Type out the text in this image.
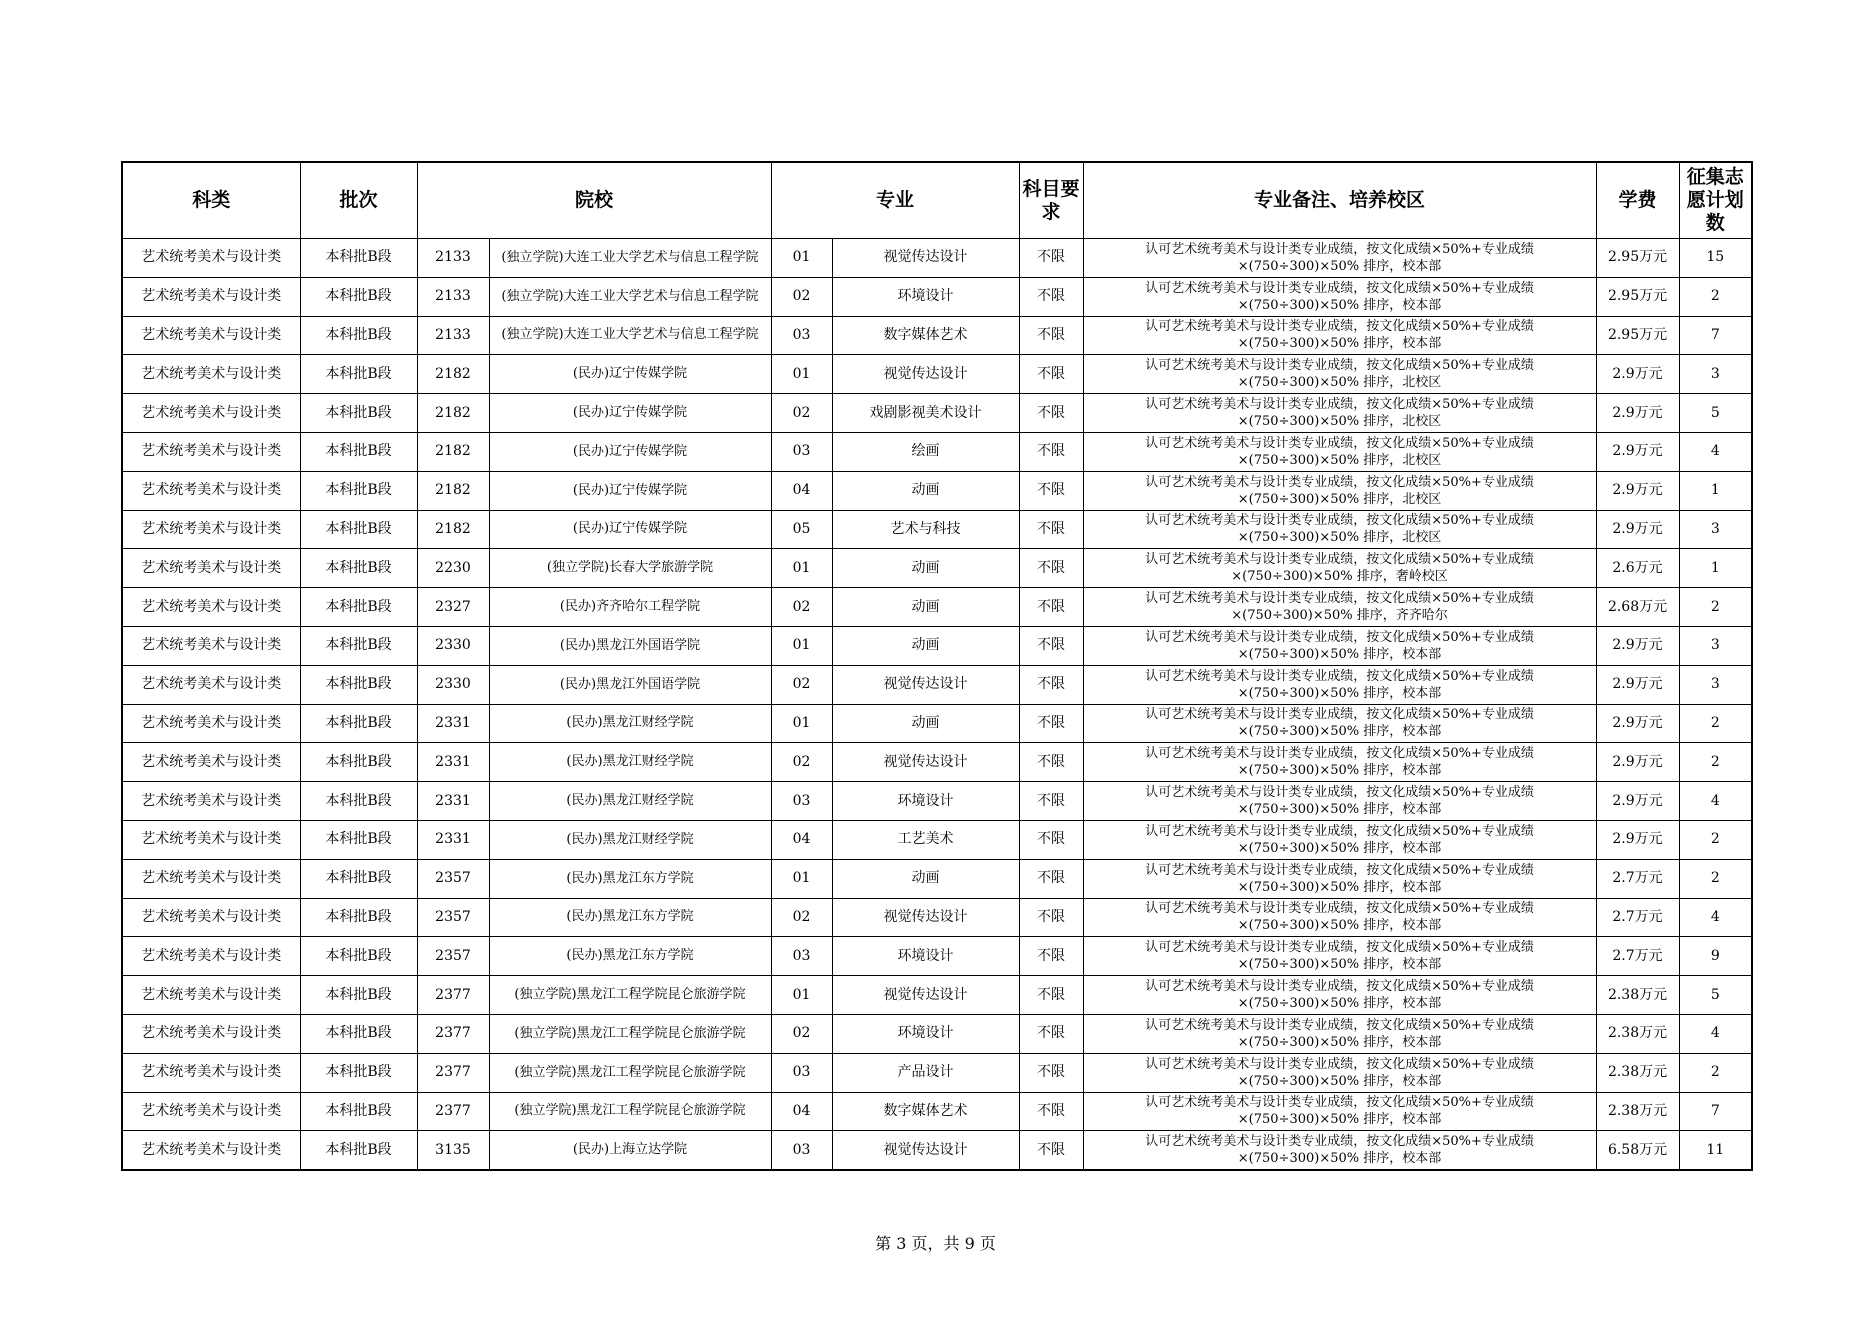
科类	批次	院校		专业		科目要求	专业备注、培养校区	学费	征集志愿计划数
艺术统考美术与设计类	本科批B段	2133	(独立学院)大连工业大学艺术与信息工程学院	01	视觉传达设计	不限	认可艺术统考美术与设计类专业成绩，按文化成绩×50%+专业成绩
×(750÷300)×50% 排序，校本部	2.95万元	15
艺术统考美术与设计类	本科批B段	2133	(独立学院)大连工业大学艺术与信息工程学院	02	环境设计	不限	认可艺术统考美术与设计类专业成绩，按文化成绩×50%+专业成绩
×(750÷300)×50% 排序，校本部	2.95万元	2
艺术统考美术与设计类	本科批B段	2133	(独立学院)大连工业大学艺术与信息工程学院	03	数字媒体艺术	不限	认可艺术统考美术与设计类专业成绩，按文化成绩×50%+专业成绩
×(750÷300)×50% 排序，校本部	2.95万元	7
艺术统考美术与设计类	本科批B段	2182	(民办)辽宁传媒学院	01	视觉传达设计	不限	认可艺术统考美术与设计类专业成绩，按文化成绩×50%+专业成绩
×(750÷300)×50% 排序，北校区	2.9万元	3
艺术统考美术与设计类	本科批B段	2182	(民办)辽宁传媒学院	02	戏剧影视美术设计	不限	认可艺术统考美术与设计类专业成绩，按文化成绩×50%+专业成绩
×(750÷300)×50% 排序，北校区	2.9万元	5
艺术统考美术与设计类	本科批B段	2182	(民办)辽宁传媒学院	03	绘画	不限	认可艺术统考美术与设计类专业成绩，按文化成绩×50%+专业成绩
×(750÷300)×50% 排序，北校区	2.9万元	4
艺术统考美术与设计类	本科批B段	2182	(民办)辽宁传媒学院	04	动画	不限	认可艺术统考美术与设计类专业成绩，按文化成绩×50%+专业成绩
×(750÷300)×50% 排序，北校区	2.9万元	1
艺术统考美术与设计类	本科批B段	2182	(民办)辽宁传媒学院	05	艺术与科技	不限	认可艺术统考美术与设计类专业成绩，按文化成绩×50%+专业成绩
×(750÷300)×50% 排序，北校区	2.9万元	3
艺术统考美术与设计类	本科批B段	2230	(独立学院)长春大学旅游学院	01	动画	不限	认可艺术统考美术与设计类专业成绩，按文化成绩×50%+专业成绩
×(750÷300)×50% 排序，奢岭校区	2.6万元	1
艺术统考美术与设计类	本科批B段	2327	(民办)齐齐哈尔工程学院	02	动画	不限	认可艺术统考美术与设计类专业成绩，按文化成绩×50%+专业成绩
×(750÷300)×50% 排序，齐齐哈尔	2.68万元	2
艺术统考美术与设计类	本科批B段	2330	(民办)黑龙江外国语学院	01	动画	不限	认可艺术统考美术与设计类专业成绩，按文化成绩×50%+专业成绩
×(750÷300)×50% 排序，校本部	2.9万元	3
艺术统考美术与设计类	本科批B段	2330	(民办)黑龙江外国语学院	02	视觉传达设计	不限	认可艺术统考美术与设计类专业成绩，按文化成绩×50%+专业成绩
×(750÷300)×50% 排序，校本部	2.9万元	3
艺术统考美术与设计类	本科批B段	2331	(民办)黑龙江财经学院	01	动画	不限	认可艺术统考美术与设计类专业成绩，按文化成绩×50%+专业成绩
×(750÷300)×50% 排序，校本部	2.9万元	2
艺术统考美术与设计类	本科批B段	2331	(民办)黑龙江财经学院	02	视觉传达设计	不限	认可艺术统考美术与设计类专业成绩，按文化成绩×50%+专业成绩
×(750÷300)×50% 排序，校本部	2.9万元	2
艺术统考美术与设计类	本科批B段	2331	(民办)黑龙江财经学院	03	环境设计	不限	认可艺术统考美术与设计类专业成绩，按文化成绩×50%+专业成绩
×(750÷300)×50% 排序，校本部	2.9万元	4
艺术统考美术与设计类	本科批B段	2331	(民办)黑龙江财经学院	04	工艺美术	不限	认可艺术统考美术与设计类专业成绩，按文化成绩×50%+专业成绩
×(750÷300)×50% 排序，校本部	2.9万元	2
艺术统考美术与设计类	本科批B段	2357	(民办)黑龙江东方学院	01	动画	不限	认可艺术统考美术与设计类专业成绩，按文化成绩×50%+专业成绩
×(750÷300)×50% 排序，校本部	2.7万元	2
艺术统考美术与设计类	本科批B段	2357	(民办)黑龙江东方学院	02	视觉传达设计	不限	认可艺术统考美术与设计类专业成绩，按文化成绩×50%+专业成绩
×(750÷300)×50% 排序，校本部	2.7万元	4
艺术统考美术与设计类	本科批B段	2357	(民办)黑龙江东方学院	03	环境设计	不限	认可艺术统考美术与设计类专业成绩，按文化成绩×50%+专业成绩
×(750÷300)×50% 排序，校本部	2.7万元	9
艺术统考美术与设计类	本科批B段	2377	(独立学院)黑龙江工程学院昆仑旅游学院	01	视觉传达设计	不限	认可艺术统考美术与设计类专业成绩，按文化成绩×50%+专业成绩
×(750÷300)×50% 排序，校本部	2.38万元	5
艺术统考美术与设计类	本科批B段	2377	(独立学院)黑龙江工程学院昆仑旅游学院	02	环境设计	不限	认可艺术统考美术与设计类专业成绩，按文化成绩×50%+专业成绩
×(750÷300)×50% 排序，校本部	2.38万元	4
艺术统考美术与设计类	本科批B段	2377	(独立学院)黑龙江工程学院昆仑旅游学院	03	产品设计	不限	认可艺术统考美术与设计类专业成绩，按文化成绩×50%+专业成绩
×(750÷300)×50% 排序，校本部	2.38万元	2
艺术统考美术与设计类	本科批B段	2377	(独立学院)黑龙江工程学院昆仑旅游学院	04	数字媒体艺术	不限	认可艺术统考美术与设计类专业成绩，按文化成绩×50%+专业成绩
×(750÷300)×50% 排序，校本部	2.38万元	7
艺术统考美术与设计类	本科批B段	3135	(民办)上海立达学院	03	视觉传达设计	不限	认可艺术统考美术与设计类专业成绩，按文化成绩×50%+专业成绩
×(750÷300)×50% 排序，校本部	6.58万元	11
第 3 页，共 9 页
